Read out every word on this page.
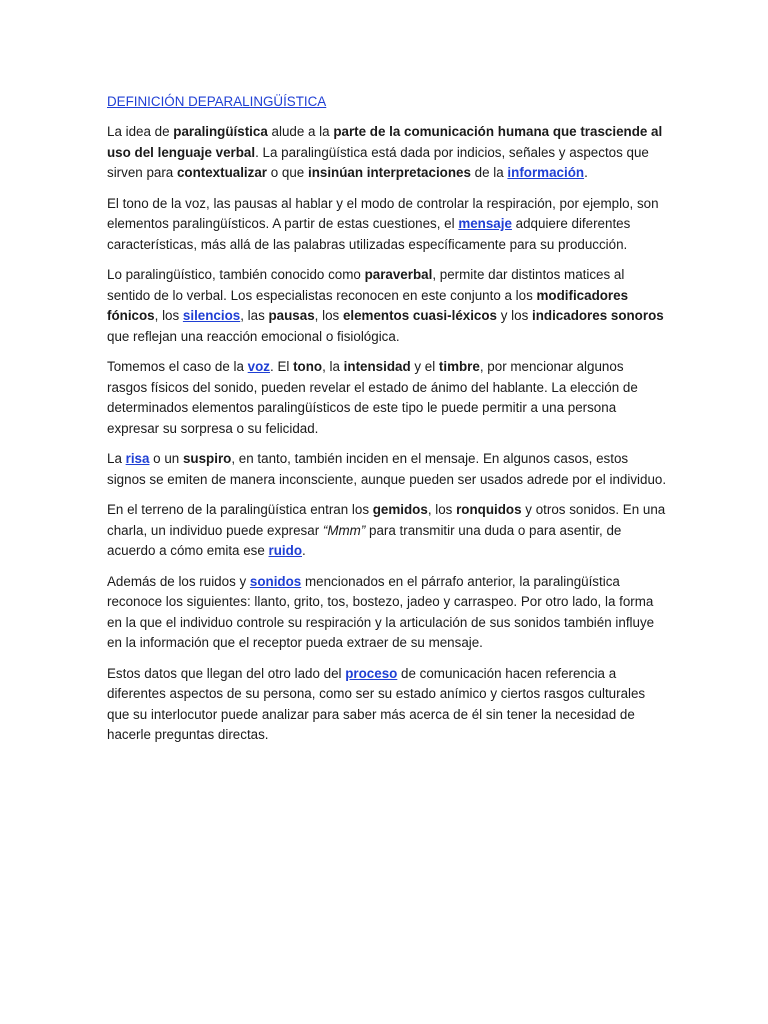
DEFINICIÓN DEPARALINGÜÍSTICA

La idea de paralingüística alude a la parte de la comunicación humana que trasciende al uso del lenguaje verbal. La paralingüística está dada por indicios, señales y aspectos que sirven para contextualizar o que insinúan interpretaciones de la información.

El tono de la voz, las pausas al hablar y el modo de controlar la respiración, por ejemplo, son elementos paralingüísticos. A partir de estas cuestiones, el mensaje adquiere diferentes características, más allá de las palabras utilizadas específicamente para su producción.

Lo paralingüístico, también conocido como paraverbal, permite dar distintos matices al sentido de lo verbal. Los especialistas reconocen en este conjunto a los modificadores fónicos, los silencios, las pausas, los elementos cuasi-léxicos y los indicadores sonoros que reflejan una reacción emocional o fisiológica.

Tomemos el caso de la voz. El tono, la intensidad y el timbre, por mencionar algunos rasgos físicos del sonido, pueden revelar el estado de ánimo del hablante. La elección de determinados elementos paralingüísticos de este tipo le puede permitir a una persona expresar su sorpresa o su felicidad.

La risa o un suspiro, en tanto, también inciden en el mensaje. En algunos casos, estos signos se emiten de manera inconsciente, aunque pueden ser usados adrede por el individuo.

En el terreno de la paralingüística entran los gemidos, los ronquidos y otros sonidos. En una charla, un individuo puede expresar “Mmm” para transmitir una duda o para asentir, de acuerdo a cómo emita ese ruido.

Además de los ruidos y sonidos mencionados en el párrafo anterior, la paralingüística reconoce los siguientes: llanto, grito, tos, bostezo, jadeo y carraspeo. Por otro lado, la forma en la que el individuo controle su respiración y la articulación de sus sonidos también influye en la información que el receptor pueda extraer de su mensaje.

Estos datos que llegan del otro lado del proceso de comunicación hacen referencia a diferentes aspectos de su persona, como ser su estado anímico y ciertos rasgos culturales que su interlocutor puede analizar para saber más acerca de él sin tener la necesidad de hacerle preguntas directas.
